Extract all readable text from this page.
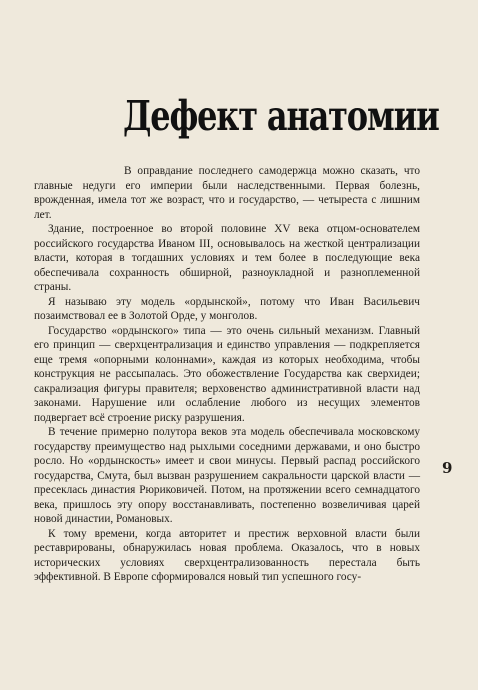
Дефект анатомии

В оправдание последнего самодержца можно сказать, что главные недуги его империи были наследственными. Первая болезнь, врожденная, имела тот же возраст, что и государство, — четыреста с лишним лет.

Здание, построенное во второй половине XV века отцом-основателем российского государства Иваном III, основывалось на жесткой централизации власти, которая в тогдашних условиях и тем более в последующие века обеспечивала сохранность обширной, разноукладной и разноплеменной страны.

Я называю эту модель «ордынской», потому что Иван Васильевич позаимствовал ее в Золотой Орде, у монголов.

Государство «ордынского» типа — это очень сильный механизм. Главный его принцип — сверхцентрализация и единство управления — подкрепляется еще тремя «опорными колоннами», каждая из которых необходима, чтобы конструкция не рассыпалась. Это обожествление Государства как сверхидеи; сакрализация фигуры правителя; верховенство административной власти над законами. Нарушение или ослабление любого из несущих элементов подвергает всё строение риску разрушения.

В течение примерно полутора веков эта модель обеспечивала московскому государству преимущество над рыхлыми соседними державами, и оно быстро росло. Но «ордынскость» имеет и свои минусы. Первый распад российского государства, Смута, был вызван разрушением сакральности царской власти — пресеклась династия Рюриковичей. Потом, на протяжении всего семнадцатого века, пришлось эту опору восстанавливать, постепенно возвеличивая царей новой династии, Романовых.

К тому времени, когда авторитет и престиж верховной власти были реставрированы, обнаружилась новая проблема. Оказалось, что в новых исторических условиях сверхцентрализованность перестала быть эффективной. В Европе сформировался новый тип успешного госу-

9
